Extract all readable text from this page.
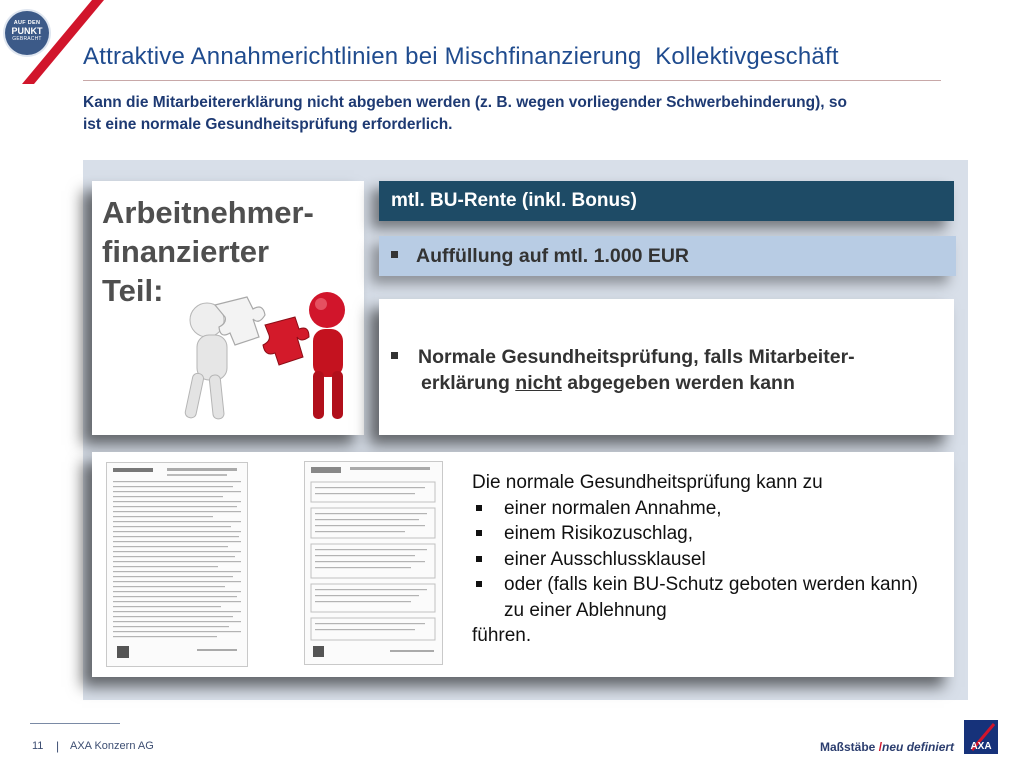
AUF DEN
PUNKT
GEBRACHT
Attraktive Annahmerichtlinien bei Mischfinanzierung  Kollektivgeschäft
Kann die Mitarbeitererklärung nicht abgeben werden (z. B. wegen vorliegender Schwerbehinderung), so ist eine normale Gesundheitsprüfung erforderlich.
Arbeitnehmer-
finanzierter
Teil:
mtl. BU-Rente (inkl. Bonus)
Auffüllung auf mtl. 1.000 EUR
Normale Gesundheitsprüfung, falls Mitarbeiter-
erklärung nicht abgegeben werden kann
Die normale Gesundheitsprüfung kann zu
einer normalen Annahme,
einem Risikozuschlag,
einer Ausschlussklausel
oder (falls kein BU-Schutz geboten werden kann) zu einer Ablehnung
führen.
11 | AXA Konzern AG	Maßstäbe /neu definiert	AXA
